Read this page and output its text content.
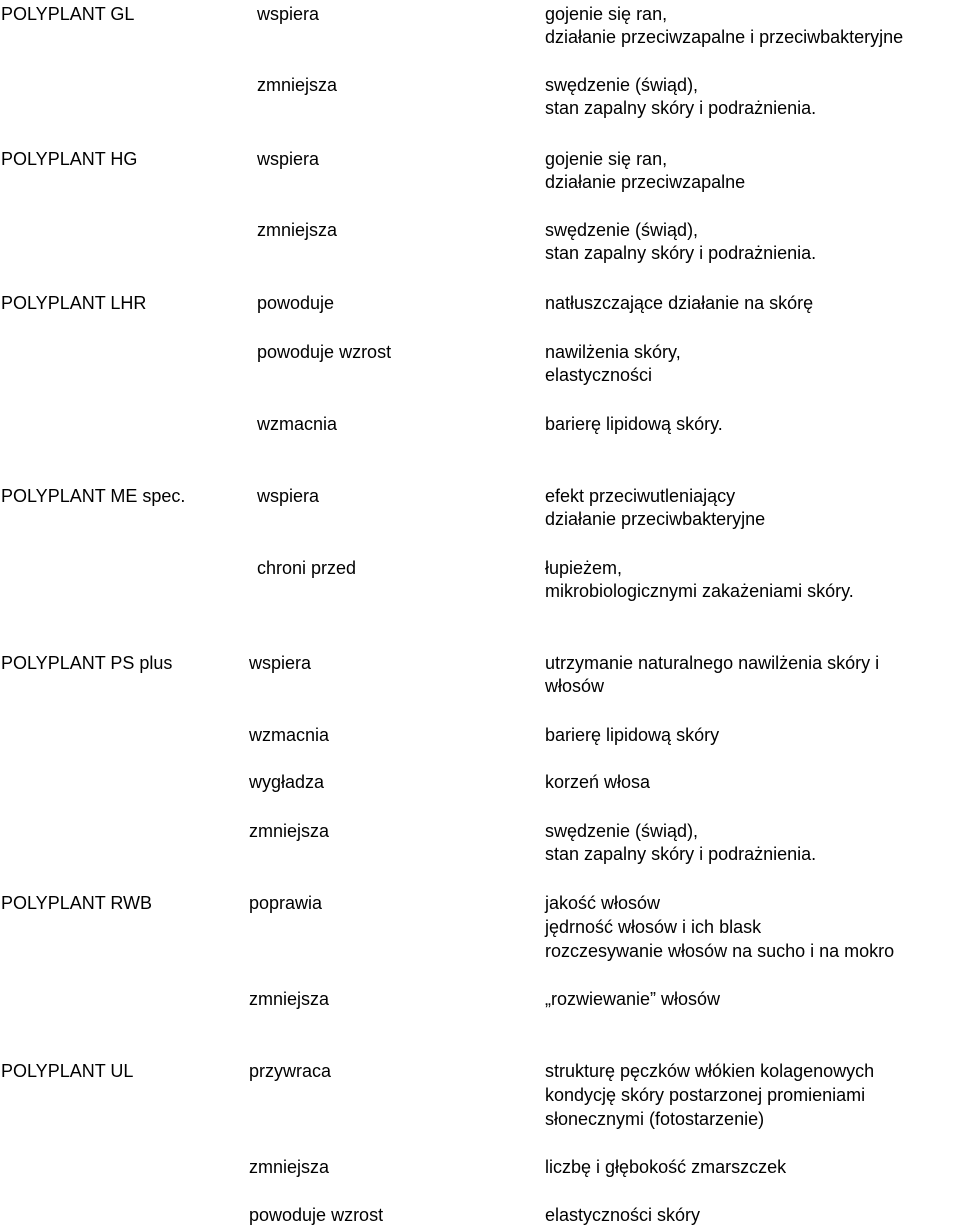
POLYPLANT GL	wspiera	gojenie się ran,
działanie przeciwzapalne i przeciwbakteryjne
zmniejsza	swędzenie (świąd),
stan zapalny skóry i podrażnienia.
POLYPLANT HG	wspiera	gojenie się ran,
działanie przeciwzapalne
zmniejsza	swędzenie (świąd),
stan zapalny skóry i podrażnienia.
POLYPLANT LHR	powoduje	natłuszczające działanie na skórę
powoduje wzrost	nawilżenia skóry,
elastyczności
wzmacnia	barierę lipidową skóry.
POLYPLANT ME spec.	wspiera	efekt przeciwutleniający
działanie przeciwbakteryjne
chroni przed	łupieżem,
mikrobiologicznymi zakażeniami skóry.
POLYPLANT PS plus	wspiera	utrzymanie naturalnego nawilżenia skóry i
włosów
wzmacnia	barierę lipidową skóry
wygładza	korzeń włosa
zmniejsza	swędzenie (świąd),
stan zapalny skóry i podrażnienia.
POLYPLANT RWB	poprawia	jakość włosów
jędrność włosów i ich blask
rozczesywanie włosów na sucho i na mokro
zmniejsza	„rozwiewanie” włosów
POLYPLANT UL	przywraca	strukturę pęczków włókien kolagenowych
kondycję skóry postarzonej promieniami
słonecznymi (fotostarzenie)
zmniejsza	liczbę i głębokość zmarszczek
powoduje wzrost	elastyczności skóry
